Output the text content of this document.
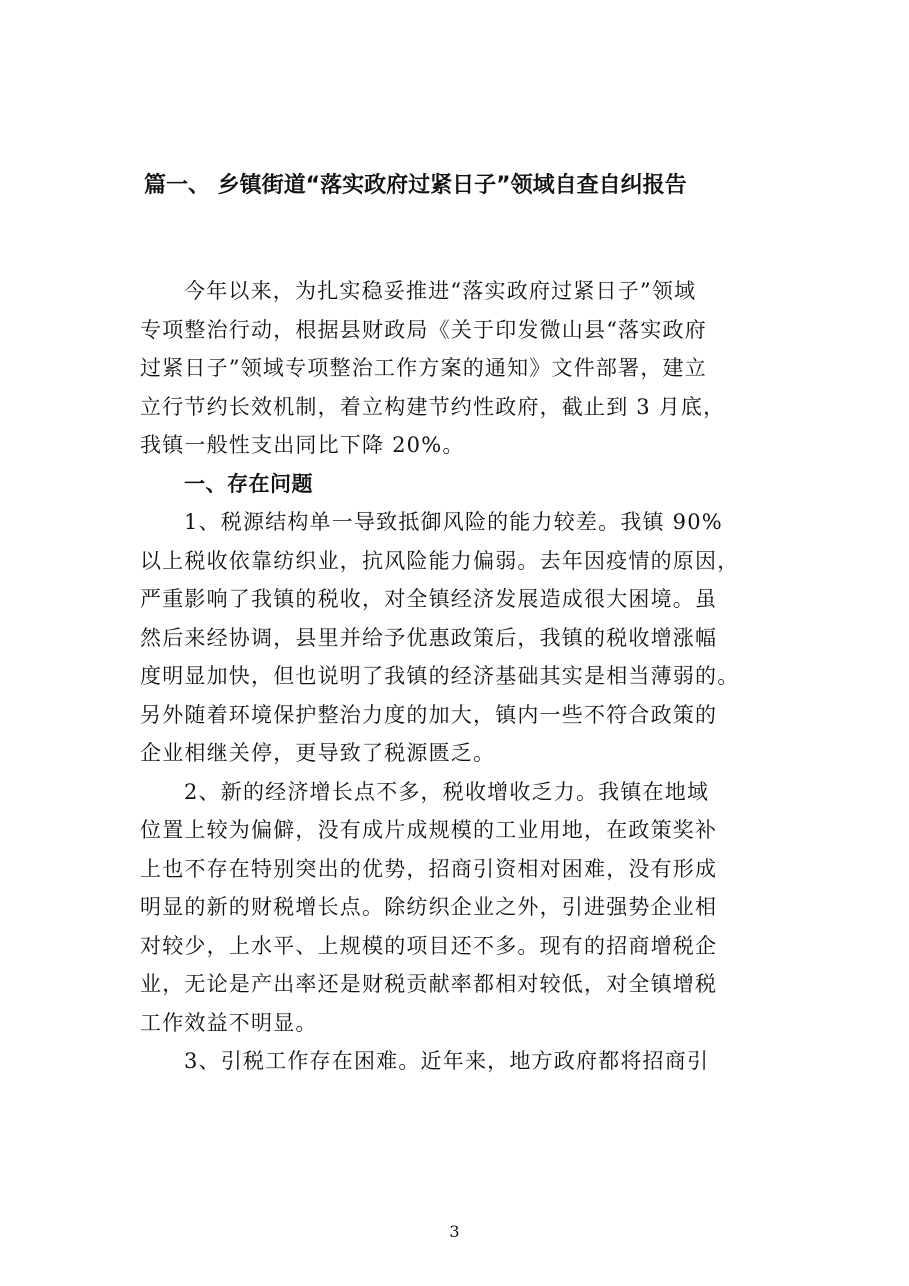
篇一、 乡镇街道“落实政府过紧日子”领域自查自纠报告
今年以来，为扎实稳妥推进“落实政府过紧日子”领域
专项整治行动，根据县财政局《关于印发微山县“落实政府
过紧日子”领域专项整治工作方案的通知》文件部署，建立
立行节约长效机制，着立构建节约性政府，截止到 3 月底，
我镇一般性支出同比下降 20%。
一、存在问题
1、税源结构单一导致抵御风险的能力较差。我镇 90%
以上税收依靠纺织业，抗风险能力偏弱。去年因疫情的原因，
严重影响了我镇的税收，对全镇经济发展造成很大困境。虽
然后来经协调，县里并给予优惠政策后，我镇的税收增涨幅
度明显加快，但也说明了我镇的经济基础其实是相当薄弱的。
另外随着环境保护整治力度的加大，镇内一些不符合政策的
企业相继关停，更导致了税源匮乏。
2、新的经济增长点不多，税收增收乏力。我镇在地域
位置上较为偏僻，没有成片成规模的工业用地，在政策奖补
上也不存在特别突出的优势，招商引资相对困难，没有形成
明显的新的财税增长点。除纺织企业之外，引进强势企业相
对较少，上水平、上规模的项目还不多。现有的招商增税企
业，无论是产出率还是财税贡献率都相对较低，对全镇增税
工作效益不明显。
3、引税工作存在困难。近年来，地方政府都将招商引
3
